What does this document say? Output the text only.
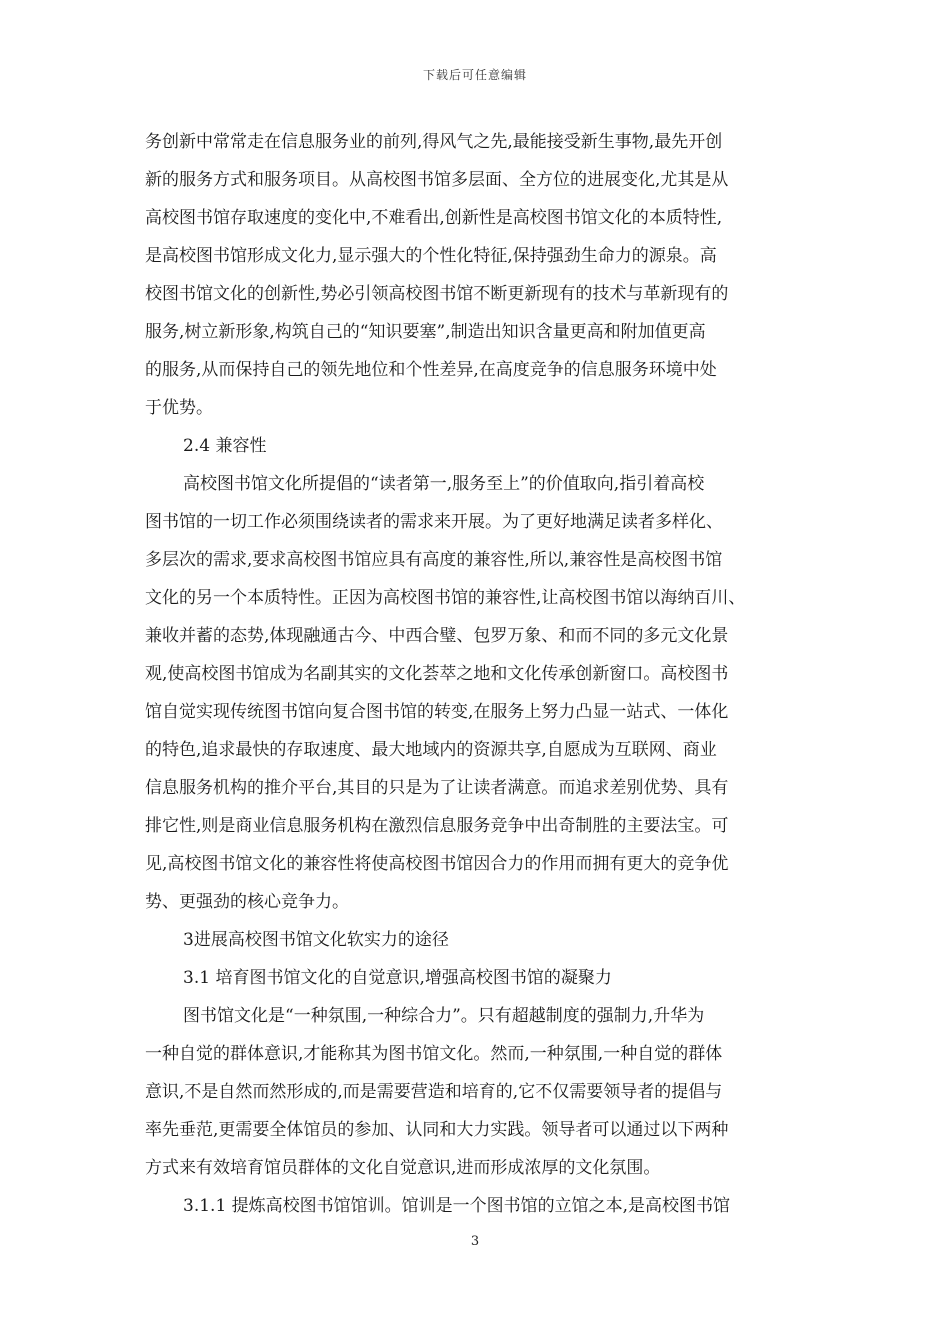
下载后可任意编辑
务创新中常常走在信息服务业的前列,得风气之先,最能接受新生事物,最先开创
新的服务方式和服务项目。从高校图书馆多层面、全方位的进展变化,尤其是从
高校图书馆存取速度的变化中,不难看出,创新性是高校图书馆文化的本质特性,
是高校图书馆形成文化力,显示强大的个性化特征,保持强劲生命力的源泉。高
校图书馆文化的创新性,势必引领高校图书馆不断更新现有的技术与革新现有的
服务,树立新形象,构筑自己的“知识要塞”,制造出知识含量更高和附加值更高
的服务,从而保持自己的领先地位和个性差异,在高度竞争的信息服务环境中处
于优势。
2.4 兼容性
高校图书馆文化所提倡的“读者第一,服务至上”的价值取向,指引着高校
图书馆的一切工作必须围绕读者的需求来开展。为了更好地满足读者多样化、
多层次的需求,要求高校图书馆应具有高度的兼容性,所以,兼容性是高校图书馆
文化的另一个本质特性。正因为高校图书馆的兼容性,让高校图书馆以海纳百川、
兼收并蓄的态势,体现融通古今、中西合璧、包罗万象、和而不同的多元文化景
观,使高校图书馆成为名副其实的文化荟萃之地和文化传承创新窗口。高校图书
馆自觉实现传统图书馆向复合图书馆的转变,在服务上努力凸显一站式、一体化
的特色,追求最快的存取速度、最大地域内的资源共享,自愿成为互联网、商业
信息服务机构的推介平台,其目的只是为了让读者满意。而追求差别优势、具有
排它性,则是商业信息服务机构在激烈信息服务竞争中出奇制胜的主要法宝。可
见,高校图书馆文化的兼容性将使高校图书馆因合力的作用而拥有更大的竞争优
势、更强劲的核心竞争力。
3进展高校图书馆文化软实力的途径
3.1 培育图书馆文化的自觉意识,增强高校图书馆的凝聚力
图书馆文化是“一种氛围,一种综合力”。只有超越制度的强制力,升华为
一种自觉的群体意识,才能称其为图书馆文化。然而,一种氛围,一种自觉的群体
意识,不是自然而然形成的,而是需要营造和培育的,它不仅需要领导者的提倡与
率先垂范,更需要全体馆员的参加、认同和大力实践。领导者可以通过以下两种
方式来有效培育馆员群体的文化自觉意识,进而形成浓厚的文化氛围。
3.1.1 提炼高校图书馆馆训。馆训是一个图书馆的立馆之本,是高校图书馆
3
